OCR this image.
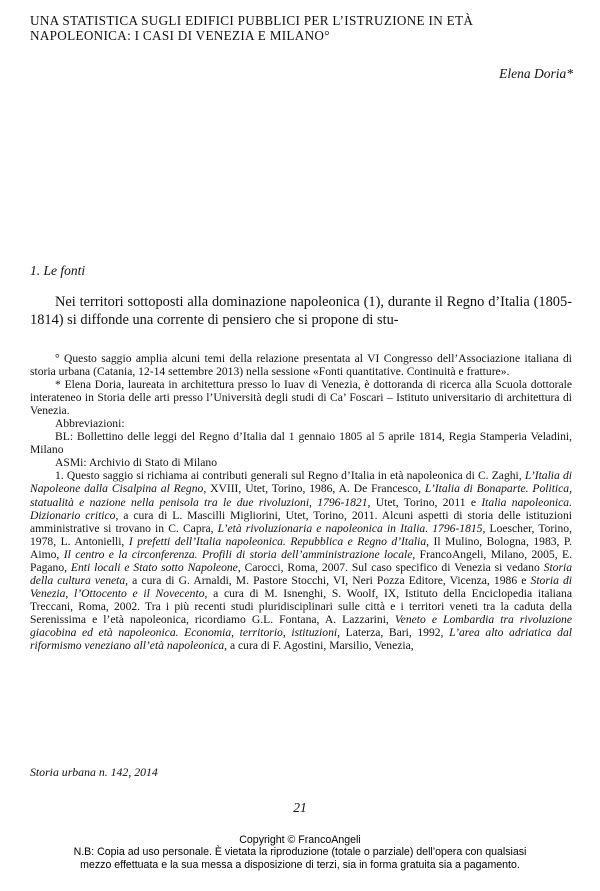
UNA STATISTICA SUGLI EDIFICI PUBBLICI PER L’ISTRUZIONE IN ETÀ NAPOLEONICA: I CASI DI VENEZIA E MILANO°
Elena Doria*
1. Le fonti

Nei territori sottoposti alla dominazione napoleonica (1), durante il Regno d’Italia (1805-1814) si diffonde una corrente di pensiero che si propone di stu-

° Questo saggio amplia alcuni temi della relazione presentata al VI Congresso dell’Associazione italiana di storia urbana (Catania, 12-14 settembre 2013) nella sessione «Fonti quantitative. Continuità e fratture».

* Elena Doria, laureata in architettura presso lo Iuav di Venezia, è dottoranda di ricerca alla Scuola dottorale interateneo in Storia delle arti presso l’Università degli studi di Ca’ Foscari – Istituto universitario di architettura di Venezia.

Abbreviazioni:

BL: Bollettino delle leggi del Regno d’Italia dal 1 gennaio 1805 al 5 aprile 1814, Regia Stamperia Veladini, Milano

ASMi: Archivio di Stato di Milano

1. Questo saggio si richiama ai contributi generali sul Regno d’Italia in età napoleonica di C. Zaghi, L’Italia di Napoleone dalla Cisalpina al Regno, XVIII, Utet, Torino, 1986, A. De Francesco, L’Italia di Bonaparte. Politica, statualità e nazione nella penisola tra le due rivoluzioni, 1796-1821, Utet, Torino, 2011 e Italia napoleonica. Dizionario critico, a cura di L. Mascilli Migliorini, Utet, Torino, 2011. Alcuni aspetti di storia delle istituzioni amministrative si trovano in C. Capra, L’età rivoluzionaria e napoleonica in Italia. 1796-1815, Loescher, Torino, 1978, L. Antonielli, I prefetti dell’Italia napoleonica. Repubblica e Regno d’Italia, Il Mulino, Bologna, 1983, P. Aimo, Il centro e la circonferenza. Profili di storia dell’amministrazione locale, FrancoAngeli, Milano, 2005, E. Pagano, Enti locali e Stato sotto Napoleone, Carocci, Roma, 2007. Sul caso specifico di Venezia si vedano Storia della cultura veneta, a cura di G. Arnaldi, M. Pastore Stocchi, VI, Neri Pozza Editore, Vicenza, 1986 e Storia di Venezia, l’Ottocento e il Novecento, a cura di M. Isnenghi, S. Woolf, IX, Istituto della Enciclopedia italiana Treccani, Roma, 2002. Tra i più recenti studi pluridisciplinari sulle città e i territori veneti tra la caduta della Serenissima e l’età napoleonica, ricordiamo G.L. Fontana, A. Lazzarini, Veneto e Lombardia tra rivoluzione giacobina ed età napoleonica. Economia, territorio, istituzioni, Laterza, Bari, 1992, L’area alto adriatica dal riformismo veneziano all’età napoleonica, a cura di F. Agostini, Marsilio, Venezia,

Storia urbana n. 142, 2014
21
Copyright © FrancoAngeli
N.B: Copia ad uso personale. È vietata la riproduzione (totale o parziale) dell’opera con qualsiasi
mezzo effettuata e la sua messa a disposizione di terzi, sia in forma gratuita sia a pagamento.
